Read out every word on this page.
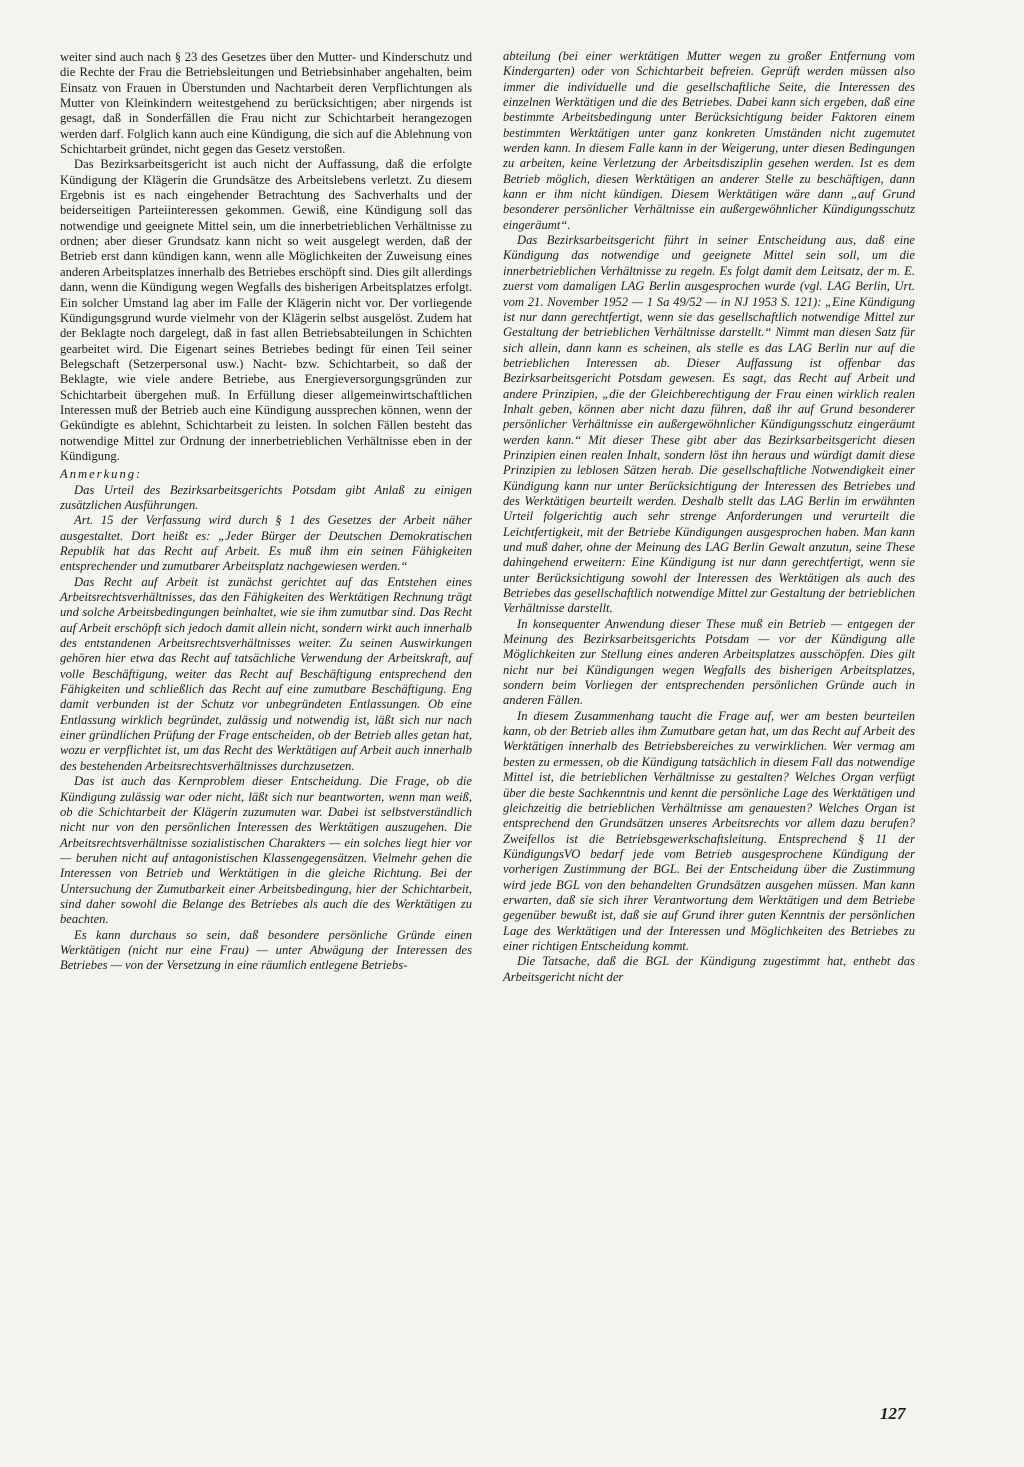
weiter sind auch nach § 23 des Gesetzes über den Mutter- und Kinderschutz und die Rechte der Frau die Betriebsleitungen und Betriebsinhaber angehalten, beim Einsatz von Frauen in Überstunden und Nachtarbeit deren Verpflichtungen als Mutter von Kleinkindern weitestgehend zu berücksichtigen; aber nirgends ist gesagt, daß in Sonderfällen die Frau nicht zur Schichtarbeit herangezogen werden darf. Folglich kann auch eine Kündigung, die sich auf die Ablehnung von Schichtarbeit gründet, nicht gegen das Gesetz verstoßen.

Das Bezirksarbeitsgericht ist auch nicht der Auffassung, daß die erfolgte Kündigung der Klägerin die Grundsätze des Arbeitslebens verletzt. Zu diesem Ergebnis ist es nach eingehender Betrachtung des Sachverhalts und der beiderseitigen Parteiinteressen gekommen. Gewiß, eine Kündigung soll das notwendige und geeignete Mittel sein, um die innerbetrieblichen Verhältnisse zu ordnen; aber dieser Grundsatz kann nicht so weit ausgelegt werden, daß der Betrieb erst dann kündigen kann, wenn alle Möglichkeiten der Zuweisung eines anderen Arbeitsplatzes innerhalb des Betriebes erschöpft sind. Dies gilt allerdings dann, wenn die Kündigung wegen Wegfalls des bisherigen Arbeitsplatzes erfolgt. Ein solcher Umstand lag aber im Falle der Klägerin nicht vor. Der vorliegende Kündigungsgrund wurde vielmehr von der Klägerin selbst ausgelöst. Zudem hat der Beklagte noch dargelegt, daß in fast allen Betriebsabteilungen in Schichten gearbeitet wird. Die Eigenart seines Betriebes bedingt für einen Teil seiner Belegschaft (Setzerpersonal usw.) Nacht- bzw. Schichtarbeit, so daß der Beklagte, wie viele andere Betriebe, aus Energieversorgungsgründen zur Schichtarbeit übergehen muß. In Erfüllung dieser allgemeinwirtschaftlichen Interessen muß der Betrieb auch eine Kündigung aussprechen können, wenn der Gekündigte es ablehnt, Schichtarbeit zu leisten. In solchen Fällen besteht das notwendige Mittel zur Ordnung der innerbetrieblichen Verhältnisse eben in der Kündigung.

Anmerkung:

Das Urteil des Bezirksarbeitsgerichts Potsdam gibt Anlaß zu einigen zusätzlichen Ausführungen.

Art. 15 der Verfassung wird durch § 1 des Gesetzes der Arbeit näher ausgestaltet. Dort heißt es: „Jeder Bürger der Deutschen Demokratischen Republik hat das Recht auf Arbeit. Es muß ihm ein seinen Fähigkeiten entsprechender und zumutbarer Arbeitsplatz nachgewiesen werden.“

Das Recht auf Arbeit ist zunächst gerichtet auf das Entstehen eines Arbeitsrechtsverhältnisses, das den Fähigkeiten des Werktätigen Rechnung trägt und solche Arbeitsbedingungen beinhaltet, wie sie ihm zumutbar sind. Das Recht auf Arbeit erschöpft sich jedoch damit allein nicht, sondern wirkt auch innerhalb des entstandenen Arbeitsrechtsverhältnisses weiter. Zu seinen Auswirkungen gehören hier etwa das Recht auf tatsächliche Verwendung der Arbeitskraft, auf volle Beschäftigung, weiter das Recht auf Beschäftigung entsprechend den Fähigkeiten und schließlich das Recht auf eine zumutbare Beschäftigung. Eng damit verbunden ist der Schutz vor unbegründeten Entlassungen. Ob eine Entlassung wirklich begründet, zulässig und notwendig ist, läßt sich nur nach einer gründlichen Prüfung der Frage entscheiden, ob der Betrieb alles getan hat, wozu er verpflichtet ist, um das Recht des Werktätigen auf Arbeit auch innerhalb des bestehenden Arbeitsrechtsverhältnisses durchzusetzen.

Das ist auch das Kernproblem dieser Entscheidung. Die Frage, ob die Kündigung zulässig war oder nicht, läßt sich nur beantworten, wenn man weiß, ob die Schichtarbeit der Klägerin zuzumuten war. Dabei ist selbstverständlich nicht nur von den persönlichen Interessen des Werktätigen auszugehen. Die Arbeitsrechtsverhältnisse sozialistischen Charakters — ein solches liegt hier vor — beruhen nicht auf antagonistischen Klassengegensätzen. Vielmehr gehen die Interessen von Betrieb und Werktätigen in die gleiche Richtung. Bei der Untersuchung der Zumutbarkeit einer Arbeitsbedingung, hier der Schichtarbeit, sind daher sowohl die Belange des Betriebes als auch die des Werktätigen zu beachten.

Es kann durchaus so sein, daß besondere persönliche Gründe einen Werktätigen (nicht nur eine Frau) — unter Abwägung der Interessen des Betriebes — von der Versetzung in eine räumlich entlegene Betriebs-

abteilung (bei einer werktätigen Mutter wegen zu großer Entfernung vom Kindergarten) oder von Schichtarbeit befreien. Geprüft werden müssen also immer die individuelle und die gesellschaftliche Seite, die Interessen des einzelnen Werktätigen und die des Betriebes. Dabei kann sich ergeben, daß eine bestimmte Arbeitsbedingung unter Berücksichtigung beider Faktoren einem bestimmten Werktätigen unter ganz konkreten Umständen nicht zugemutet werden kann. In diesem Falle kann in der Weigerung, unter diesen Bedingungen zu arbeiten, keine Verletzung der Arbeitsdisziplin gesehen werden. Ist es dem Betrieb möglich, diesen Werktätigen an anderer Stelle zu beschäftigen, dann kann er ihm nicht kündigen. Diesem Werktätigen wäre dann „auf Grund besonderer persönlicher Verhältnisse ein außergewöhnlicher Kündigungsschutz eingeräumt“.

Das Bezirksarbeitsgericht führt in seiner Entscheidung aus, daß eine Kündigung das notwendige und geeignete Mittel sein soll, um die innerbetrieblichen Verhältnisse zu regeln. Es folgt damit dem Leitsatz, der m. E. zuerst vom damaligen LAG Berlin ausgesprochen wurde (vgl. LAG Berlin, Urt. vom 21. November 1952 — 1 Sa 49/52 — in NJ 1953 S. 121): „Eine Kündigung ist nur dann gerechtfertigt, wenn sie das gesellschaftlich notwendige Mittel zur Gestaltung der betrieblichen Verhältnisse darstellt.“ Nimmt man diesen Satz für sich allein, dann kann es scheinen, als stelle es das LAG Berlin nur auf die betrieblichen Interessen ab. Dieser Auffassung ist offenbar das Bezirksarbeitsgericht Potsdam gewesen. Es sagt, das Recht auf Arbeit und andere Prinzipien, „die der Gleichberechtigung der Frau einen wirklich realen Inhalt geben, können aber nicht dazu führen, daß ihr auf Grund besonderer persönlicher Verhältnisse ein außergewöhnlicher Kündigungsschutz eingeräumt werden kann.“ Mit dieser These gibt aber das Bezirksarbeitsgericht diesen Prinzipien einen realen Inhalt, sondern löst ihn heraus und würdigt damit diese Prinzipien zu leblosen Sätzen herab. Die gesellschaftliche Notwendigkeit einer Kündigung kann nur unter Berücksichtigung der Interessen des Betriebes und des Werktätigen beurteilt werden. Deshalb stellt das LAG Berlin im erwähnten Urteil folgerichtig auch sehr strenge Anforderungen und verurteilt die Leichtfertigkeit, mit der Betriebe Kündigungen ausgesprochen haben. Man kann und muß daher, ohne der Meinung des LAG Berlin Gewalt anzutun, seine These dahingehend erweitern: Eine Kündigung ist nur dann gerechtfertigt, wenn sie unter Berücksichtigung sowohl der Interessen des Werktätigen als auch des Betriebes das gesellschaftlich notwendige Mittel zur Gestaltung der betrieblichen Verhältnisse darstellt.

In konsequenter Anwendung dieser These muß ein Betrieb — entgegen der Meinung des Bezirksarbeitsgerichts Potsdam — vor der Kündigung alle Möglichkeiten zur Stellung eines anderen Arbeitsplatzes ausschöpfen. Dies gilt nicht nur bei Kündigungen wegen Wegfalls des bisherigen Arbeitsplatzes, sondern beim Vorliegen der entsprechenden persönlichen Gründe auch in anderen Fällen.

In diesem Zusammenhang taucht die Frage auf, wer am besten beurteilen kann, ob der Betrieb alles ihm Zumutbare getan hat, um das Recht auf Arbeit des Werktätigen innerhalb des Betriebsbereiches zu verwirklichen. Wer vermag am besten zu ermessen, ob die Kündigung tatsächlich in diesem Fall das notwendige Mittel ist, die betrieblichen Verhältnisse zu gestalten? Welches Organ verfügt über die beste Sachkenntnis und kennt die persönliche Lage des Werktätigen und gleichzeitig die betrieblichen Verhältnisse am genauesten? Welches Organ ist entsprechend den Grundsätzen unseres Arbeitsrechts vor allem dazu berufen? Zweifellos ist die Betriebsgewerkschaftsleitung. Entsprechend § 11 der KündigungsVO bedarf jede vom Betrieb ausgesprochene Kündigung der vorherigen Zustimmung der BGL. Bei der Entscheidung über die Zustimmung wird jede BGL von den behandelten Grundsätzen ausgehen müssen. Man kann erwarten, daß sie sich ihrer Verantwortung dem Werktätigen und dem Betriebe gegenüber bewußt ist, daß sie auf Grund ihrer guten Kenntnis der persönlichen Lage des Werktätigen und der Interessen und Möglichkeiten des Betriebes zu einer richtigen Entscheidung kommt.

Die Tatsache, daß die BGL der Kündigung zugestimmt hat, enthebt das Arbeitsgericht nicht der

127
